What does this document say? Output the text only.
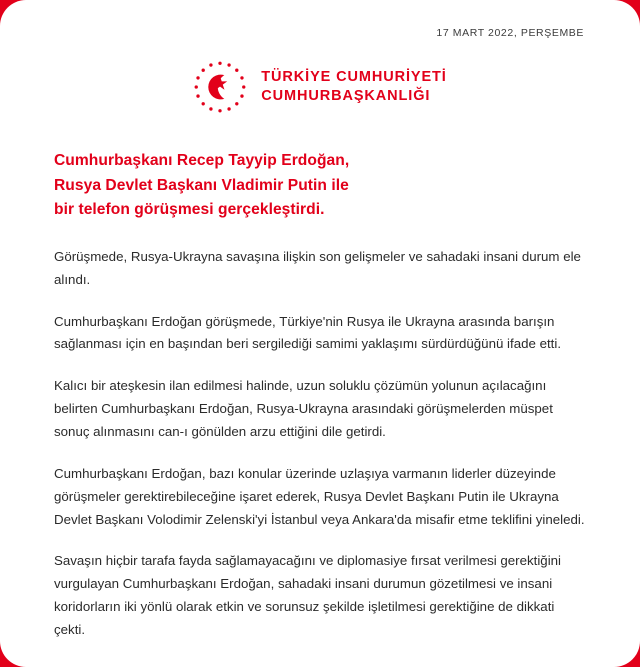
17 MART 2022, PERŞEMBE
TÜRKİYE CUMHURİYETİ
CUMHURBAŞKANLIĞI
Cumhurbaşkanı Recep Tayyip Erdoğan,
Rusya Devlet Başkanı Vladimir Putin ile
bir telefon görüşmesi gerçekleştirdi.

Görüşmede, Rusya-Ukrayna savaşına ilişkin son gelişmeler ve sahadaki insani durum ele alındı.

Cumhurbaşkanı Erdoğan görüşmede, Türkiye'nin Rusya ile Ukrayna arasında barışın sağlanması için en başından beri sergilediği samimi yaklaşımı sürdürdüğünü ifade etti.

Kalıcı bir ateşkesin ilan edilmesi halinde, uzun soluklu çözümün yolunun açılacağını belirten Cumhurbaşkanı Erdoğan, Rusya-Ukrayna arasındaki görüşmelerden müspet sonuç alınmasını can-ı gönülden arzu ettiğini dile getirdi.

Cumhurbaşkanı Erdoğan, bazı konular üzerinde uzlaşıya varmanın liderler düzeyinde görüşmeler gerektirebileceğine işaret ederek, Rusya Devlet Başkanı Putin ile Ukrayna Devlet Başkanı Volodimir Zelenski'yi İstanbul veya Ankara'da misafir etme teklifini yineledi.

Savaşın hiçbir tarafa fayda sağlamayacağını ve diplomasiye fırsat verilmesi gerektiğini vurgulayan Cumhurbaşkanı Erdoğan, sahadaki insani durumun gözetilmesi ve insani koridorların iki yönlü olarak etkin ve sorunsuz şekilde işletilmesi gerektiğine de dikkati çekti.
